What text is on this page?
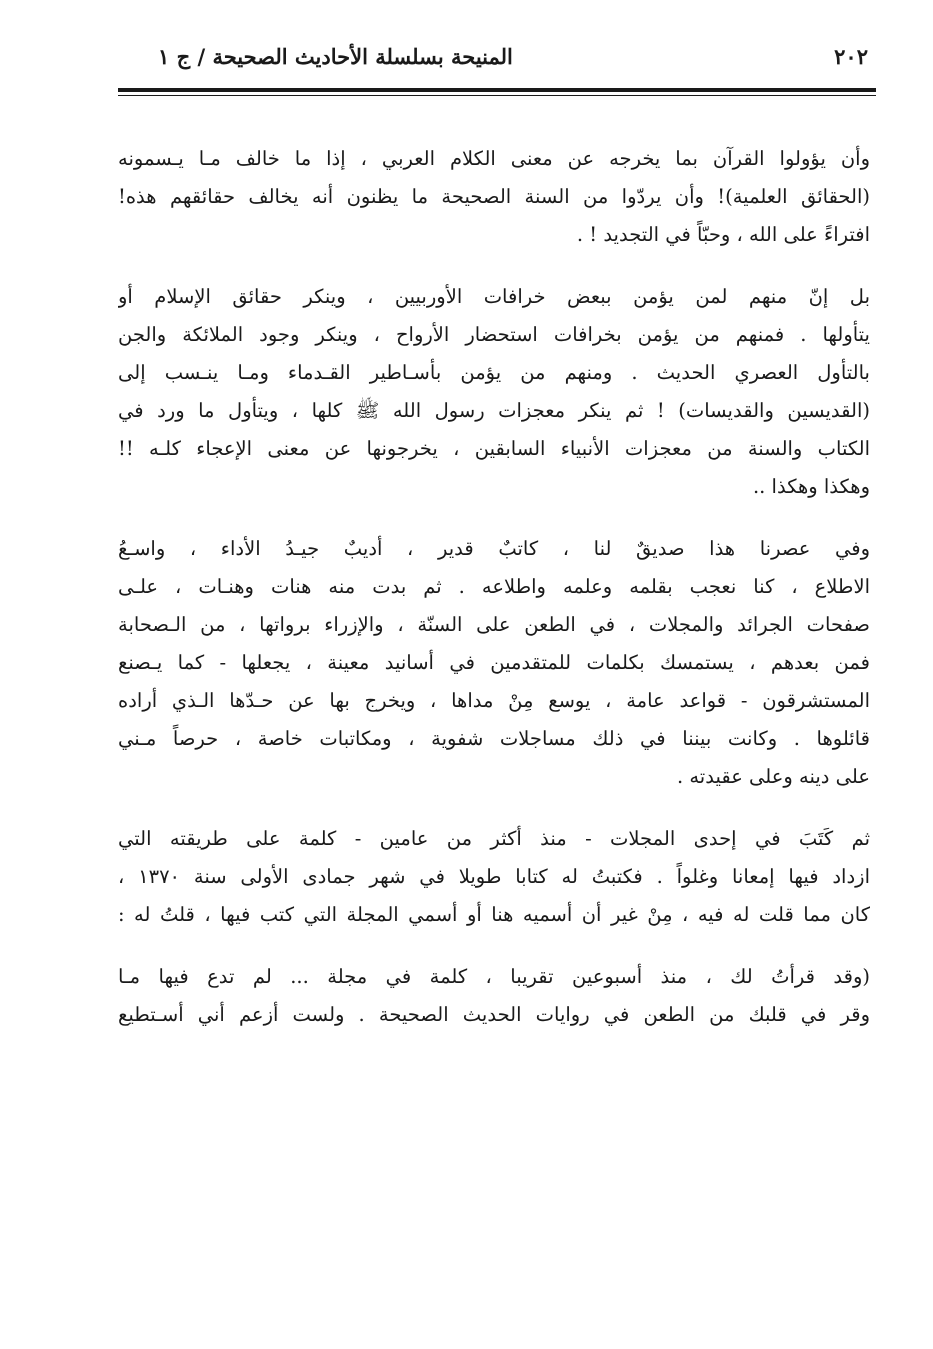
٢٠٢
المنيحة بسلسلة الأحاديث الصحيحة / ج ١
وأن يؤولوا القرآن بما يخرجه عن معنى الكلام العربي ، إذا ما خالف مـا يـسمونه
(الحقائق العلمية)! وأن يردّوا من السنة الصحيحة ما يظنون أنه يخالف حقائقهم هذه!
افتراءً على الله ، وحبّاً في التجديد ! .
بل إنّ منهم لمن يؤمن ببعض خرافات الأوربيين ، وينكر حقائق الإسلام أو
يتأولها . فمنهم من يؤمن بخرافات استحضار الأرواح ، وينكر وجود الملائكة والجن
بالتأول العصري الحديث . ومنهم من يؤمن بأسـاطير القـدماء ومـا ينـسب إلى
(القديسين والقديسات) ! ثم ينكر معجزات رسول الله ﷺ كلها ، ويتأول ما ورد في
الكتاب والسنة من معجزات الأنبياء السابقين ، يخرجونها عن معنى الإعجاء كلـه !!
وهكذا وهكذا ..
وفي عصرنا هذا صديقٌ لنا ، كاتبٌ قدير ، أديبٌ جيـدُ الأداء ، واسـعُ
الاطلاع ، كنا نعجب بقلمه وعلمه واطلاعه . ثم بدت منه هنات وهنـات ، علـى
صفحات الجرائد والمجلات ، في الطعن على السنّة ، والإزراء برواتها ، من الـصحابة
فمن بعدهم ، يستمسك بكلمات للمتقدمين في أسانيد معينة ، يجعلها - كما يـصنع
المستشرقون - قواعد عامة ، يوسع مِنْ مداها ، ويخرج بها عن حـدّها الـذي أراده
قائلوها . وكانت بيننا في ذلك مساجلات شفوية ، ومكاتبات خاصة ، حرصاً مـني
على دينه وعلى عقيدته .
ثم كَتَبَ في إحدى المجلات - منذ أكثر من عامين - كلمة على طريقته التي
ازداد فيها إمعانا وغلواً . فكتبتُ له كتابا طويلا في شهر جمادى الأولى سنة ١٣٧٠ ،
كان مما قلت له فيه ، مِنْ غير أن أسميه هنا أو أسمي المجلة التي كتب فيها ، قلتُ له :
(وقد قرأتُ لك ، منذ أسبوعين تقريبا ، كلمة في مجلة ... لم تدع فيها مـا
وقر في قلبك من الطعن في روايات الحديث الصحيحة . ولست أزعم أني أسـتطيع
